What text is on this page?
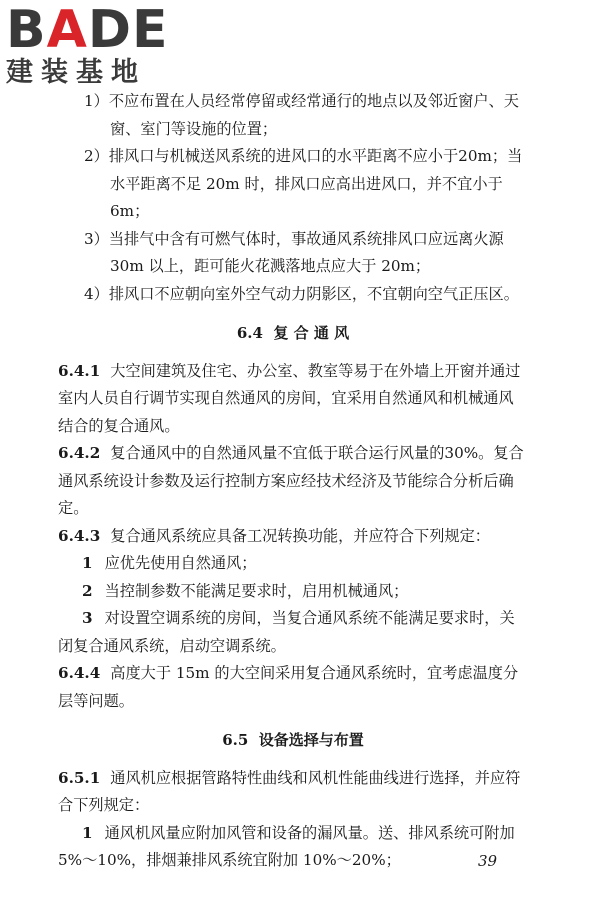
BADE
建装基地
1）不应布置在人员经常停留或经常通行的地点以及邻近窗户、天窗、室门等设施的位置；
2）排风口与机械送风系统的进风口的水平距离不应小于20m；当水平距离不足 20m 时，排风口应高出进风口，并不宜小于 6m；
3）当排气中含有可燃气体时，事故通风系统排风口应远离火源 30m 以上，距可能火花溅落地点应大于 20m；
4）排风口不应朝向室外空气动力阴影区，不宜朝向空气正压区。
6.4 复 合 通 风
6.4.1 大空间建筑及住宅、办公室、教室等易于在外墙上开窗并通过室内人员自行调节实现自然通风的房间，宜采用自然通风和机械通风结合的复合通风。
6.4.2 复合通风中的自然通风量不宜低于联合运行风量的30%。复合通风系统设计参数及运行控制方案应经技术经济及节能综合分析后确定。
6.4.3 复合通风系统应具备工况转换功能，并应符合下列规定：
1 应优先使用自然通风；
2 当控制参数不能满足要求时，启用机械通风；
3 对设置空调系统的房间，当复合通风系统不能满足要求时，关闭复合通风系统，启动空调系统。
6.4.4 高度大于 15m 的大空间采用复合通风系统时，宜考虑温度分层等问题。
6.5 设备选择与布置
6.5.1 通风机应根据管路特性曲线和风机性能曲线进行选择，并应符合下列规定：
1 通风机风量应附加风管和设备的漏风量。送、排风系统可附加 5%～10%，排烟兼排风系统宜附加 10%～20%；	39
